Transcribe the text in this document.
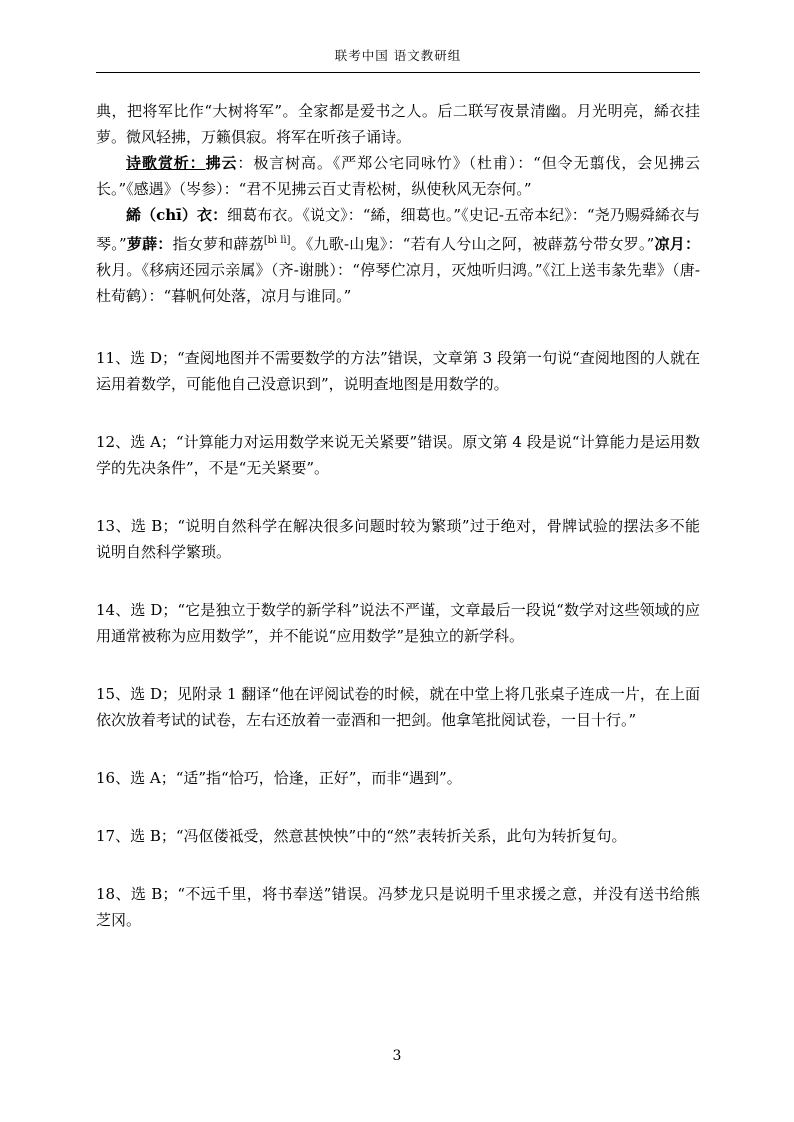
联考中国 语文教研组
典，把将军比作“大树将军”。全家都是爱书之人。后二联写夜景清幽。月光明亮，絺衣挂萝。微风轻拂，万籁俱寂。将军在听孩子诵诗。
诗歌赏析：拂云：极言树高。《严郑公宅同咏竹》（杜甫）：“但令无翦伐，会见拂云长。”《感遇》（岑参）：“君不见拂云百丈青松树，纵使秋风无奈何。”
絺（chī）衣：细葛布衣。《说文》：“絺，细葛也。”《史记-五帝本纪》：“尧乃赐舜絺衣与琴。”萝薜：指女萝和薜荔[bì lì]。《九歌-山鬼》：“若有人兮山之阿，被薜荔兮带女罗。”凉月：秋月。《移病还园示亲属》（齐-谢朓）：“停琴伫凉月，灭烛听归鸿。”《江上送韦彖先辈》（唐-杜荀鹤）：“暮帆何处落，凉月与谁同。”
11、选 D；“查阅地图并不需要数学的方法”错误，文章第 3 段第一句说“查阅地图的人就在运用着数学，可能他自己没意识到”，说明查地图是用数学的。
12、选 A；“计算能力对运用数学来说无关紧要”错误。原文第 4 段是说“计算能力是运用数学的先决条件”，不是“无关紧要”。
13、选 B；“说明自然科学在解决很多问题时较为繁琐”过于绝对，骨牌试验的摆法多不能说明自然科学繁琐。
14、选 D；“它是独立于数学的新学科”说法不严谨，文章最后一段说“数学对这些领域的应用通常被称为应用数学”，并不能说“应用数学”是独立的新学科。
15、选 D；见附录 1 翻译“他在评阅试卷的时候，就在中堂上将几张桌子连成一片，在上面依次放着考试的试卷，左右还放着一壶酒和一把剑。他拿笔批阅试卷，一目十行。”
16、选 A；“适”指“恰巧，恰逢，正好”，而非“遇到”。
17、选 B；“冯伛偻祗受，然意甚怏怏”中的“然”表转折关系，此句为转折复句。
18、选 B；“不远千里，将书奉送”错误。冯梦龙只是说明千里求援之意，并没有送书给熊芝冈。
3
